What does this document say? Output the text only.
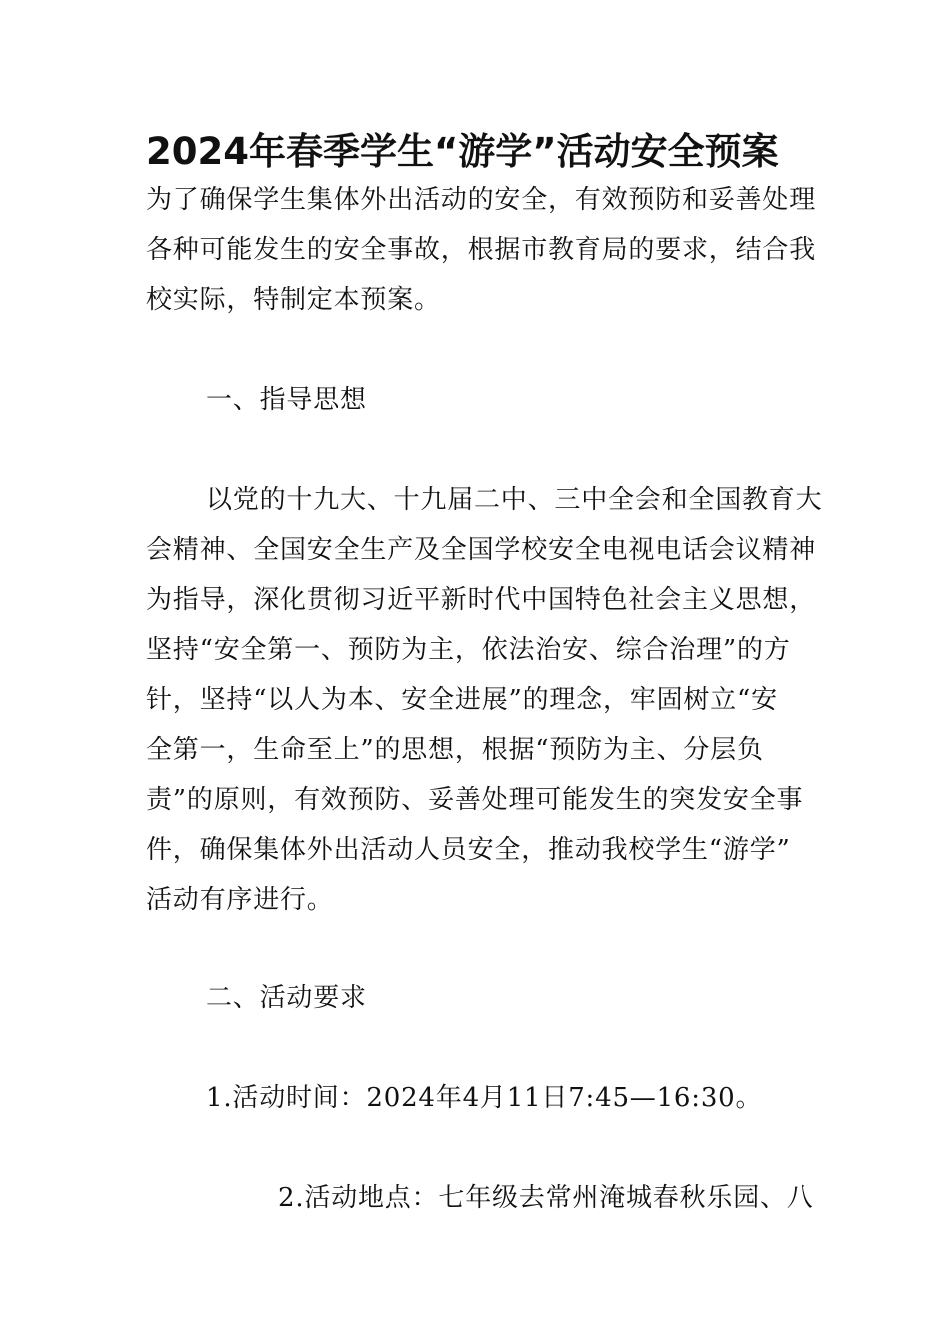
2024年春季学生“游学”活动安全预案

为了确保学生集体外出活动的安全，有效预防和妥善处理

各种可能发生的安全事故，根据市教育局的要求，结合我

校实际，特制定本预案。

一、指导思想

以党的十九大、十九届二中、三中全会和全国教育大

会精神、全国安全生产及全国学校安全电视电话会议精神

为指导，深化贯彻习近平新时代中国特色社会主义思想，

坚持“安全第一、预防为主，依法治安、综合治理”的方

针，坚持“以人为本、安全进展”的理念，牢固树立“安

全第一，生命至上”的思想，根据“预防为主、分层负

责”的原则，有效预防、妥善处理可能发生的突发安全事

件，确保集体外出活动人员安全，推动我校学生“游学”

活动有序进行。

二、活动要求

1.活动时间：2024年4月11日7:45—16:30。

2.活动地点：七年级去常州淹城春秋乐园、八
